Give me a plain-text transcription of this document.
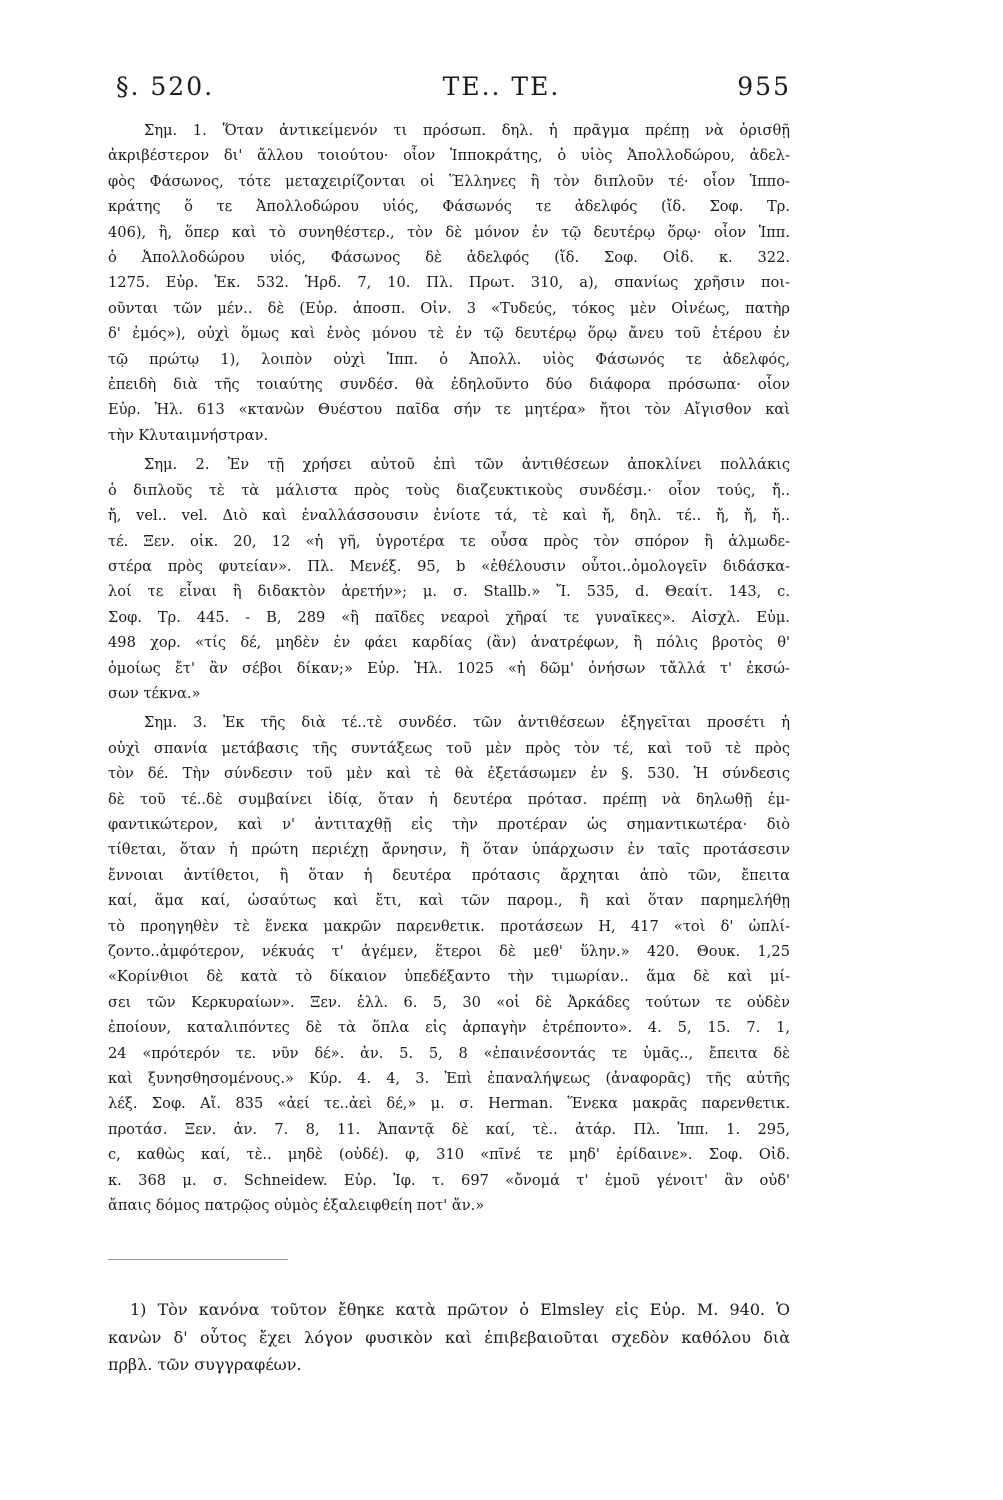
§. 520.	TE.. TE.	955
Σημ. 1. Ὅταν ἀντικείμενόν τι πρόσωπ. δηλ. ἡ πρᾶγμα πρέπῃ νὰ ὁρισθῇ
ἀκριβέστερον δι' ἄλλου τοιούτου· οἷον Ἱπποκράτης, ὁ υἱὸς Ἀπολλοδώρου, ἀδελ-
φὸς Φάσωνος, τότε μεταχειρίζονται οἱ Ἕλληνες ἢ τὸν διπλοῦν τέ· οἷον Ἱππο-
κράτης ὅ τε Ἀπολλοδώρου υἱός, Φάσωνός τε ἀδελφός (ἴδ. Σοφ. Τρ.
406), ἢ, ὅπερ καὶ τὸ συνηθέστερ., τὸν δὲ μόνον ἐν τῷ δευτέρῳ ὅρῳ· οἷον Ἱππ.
ὁ Ἀπολλοδώρου υἱός, Φάσωνος δὲ ἀδελφός (ἴδ. Σοφ. Οἰδ. κ. 322.
1275. Εὐρ. Ἑκ. 532. Ἡρδ. 7, 10. Πλ. Πρωτ. 310, a), σπανίως χρῆσιν ποι-
οῦνται τῶν μέν.. δὲ (Εὐρ. ἀποσπ. Οἰν. 3 «Τυδεύς, τόκος μὲν Οἰνέως, πατὴρ
δ' ἐμός»), οὐχὶ ὅμως καὶ ἑνὸς μόνου τὲ ἐν τῷ δευτέρῳ ὅρῳ ἄνευ τοῦ ἑτέρου ἐν
τῷ πρώτῳ 1), λοιπὸν οὐχὶ Ἱππ. ὁ Ἀπολλ. υἱὸς Φάσωνός τε ἀδελφός,
ἐπειδὴ διὰ τῆς τοιαύτης συνδέσ. θὰ ἐδηλοῦντο δύο διάφορα πρόσωπα· οἷον
Εὐρ. Ἠλ. 613 «κτανὼν Θυέστου παῖδα σήν τε μητέρα» ἤτοι τὸν Αἴγισθον καὶ
τὴν Κλυταιμνήστραν.
Σημ. 2. Ἐν τῇ χρήσει αὐτοῦ ἐπὶ τῶν ἀντιθέσεων ἀποκλίνει πολλάκις
ὁ διπλοῦς τὲ τὰ μάλιστα πρὸς τοὺς διαζευκτικοὺς συνδέσμ.· οἷον τούς, ἤ..
ἤ, vel.. vel. Διὸ καὶ ἐναλλάσσουσιν ἐνίοτε τά, τὲ καὶ ἤ, δηλ. τέ.. ἤ, ἤ, ἤ..
τέ. Ξεν. οἰκ. 20, 12 «ἡ γῆ, ὑγροτέρα τε οὖσα πρὸς τὸν σπόρον ἢ ἁλμωδε-
στέρα πρὸς φυτείαν». Πλ. Μενέξ. 95, b «ἐθέλουσιν οὗτοι..ὁμολογεῖν διδάσκα-
λοί τε εἶναι ἢ διδακτὸν ἀρετήν»; μ. σ. Stallb.» Ἴ. 535, d. Θεαίτ. 143, c.
Σοφ. Τρ. 445. - Β, 289 «ἢ παῖδες νεαροὶ χῆραί τε γυναῖκες». Αἰσχλ. Εὐμ.
498 χορ. «τίς δέ, μηδὲν ἐν φάει καρδίας (ἂν) ἀνατρέφων, ἢ πόλις βροτὸς θ'
ὁμοίως ἔτ' ἂν σέβοι δίκαν;» Εὐρ. Ἠλ. 1025 «ἡ δῶμ' ὀνήσων τἄλλά τ' ἐκσώ-
σων τέκνα.»
Σημ. 3. Ἐκ τῆς διὰ τέ..τὲ συνδέσ. τῶν ἀντιθέσεων ἐξηγεῖται προσέτι ἡ
οὐχὶ σπανία μετάβασις τῆς συντάξεως τοῦ μὲν πρὸς τὸν τέ, καὶ τοῦ τὲ πρὸς
τὸν δέ. Τὴν σύνδεσιν τοῦ μὲν καὶ τὲ θὰ ἐξετάσωμεν ἐν §. 530. Ἡ σύνδεσις
δὲ τοῦ τέ..δὲ συμβαίνει ἰδίᾳ, ὅταν ἡ δευτέρα πρότασ. πρέπῃ νὰ δηλωθῇ ἐμ-
φαντικώτερον, καὶ ν' ἀντιταχθῇ εἰς τὴν προτέραν ὡς σημαντικωτέρα· διὸ
τίθεται, ὅταν ἡ πρώτη περιέχῃ ἄρνησιν, ἢ ὅταν ὑπάρχωσιν ἐν ταῖς προτάσεσιν
ἔννοιαι ἀντίθετοι, ἢ ὅταν ἡ δευτέρα πρότασις ἄρχηται ἀπὸ τῶν, ἔπειτα
καί, ἅμα καί, ὡσαύτως καὶ ἔτι, καὶ τῶν παρομ., ἢ καὶ ὅταν παρημελήθῃ
τὸ προηγηθὲν τὲ ἕνεκα μακρῶν παρενθετικ. προτάσεων Η, 417 «τοὶ δ' ὡπλί-
ζοντο..ἀμφότερον, νέκυάς τ' ἀγέμεν, ἕτεροι δὲ μεθ' ὕλην.» 420. Θουκ. 1,25
«Κορίνθιοι δὲ κατὰ τὸ δίκαιον ὑπεδέξαντο τὴν τιμωρίαν.. ἅμα δὲ καὶ μί-
σει τῶν Κερκυραίων». Ξεν. ἑλλ. 6. 5, 30 «οἱ δὲ Ἀρκάδες τούτων τε οὐδὲν
ἐποίουν, καταλιπόντες δὲ τὰ ὅπλα εἰς ἁρπαγὴν ἐτρέποντο». 4. 5, 15. 7. 1,
24 «πρότερόν τε. νῦν δέ». ἀν. 5. 5, 8 «ἐπαινέσοντάς τε ὑμᾶς.., ἔπειτα δὲ
καὶ ξυνησθησομένους.» Κύρ. 4. 4, 3. Ἐπὶ ἐπαναλήψεως (ἀναφορᾶς) τῆς αὐτῆς
λέξ. Σοφ. Αἴ. 835 «ἀεί τε..ἀεὶ δέ,» μ. σ. Herman. Ἕνεκα μακρᾶς παρενθετικ.
προτάσ. Ξεν. ἀν. 7. 8, 11. Ἀπαντᾷ δὲ καί, τὲ.. ἀτάρ. Πλ. Ἱππ. 1. 295,
c, καθὼς καί, τὲ.. μηδὲ (οὐδέ). φ, 310 «πῖνέ τε μηδ' ἐρίδαινε». Σοφ. Οἰδ.
κ. 368 μ. σ. Schneidew. Εὐρ. Ἰφ. τ. 697 «ὄνομά τ' ἐμοῦ γένοιτ' ἂν οὐδ'
ἄπαις δόμος πατρῷος οὑμὸς ἐξαλειφθείη ποτ' ἄν.»
1) Τὸν κανόνα τοῦτον ἔθηκε κατὰ πρῶτον ὁ Elmsley εἰς Εὐρ. Μ. 940. Ὁ
κανὼν δ' οὗτος ἔχει λόγον φυσικὸν καὶ ἐπιβεβαιοῦται σχεδὸν καθόλου διὰ
πρβλ. τῶν συγγραφέων.
